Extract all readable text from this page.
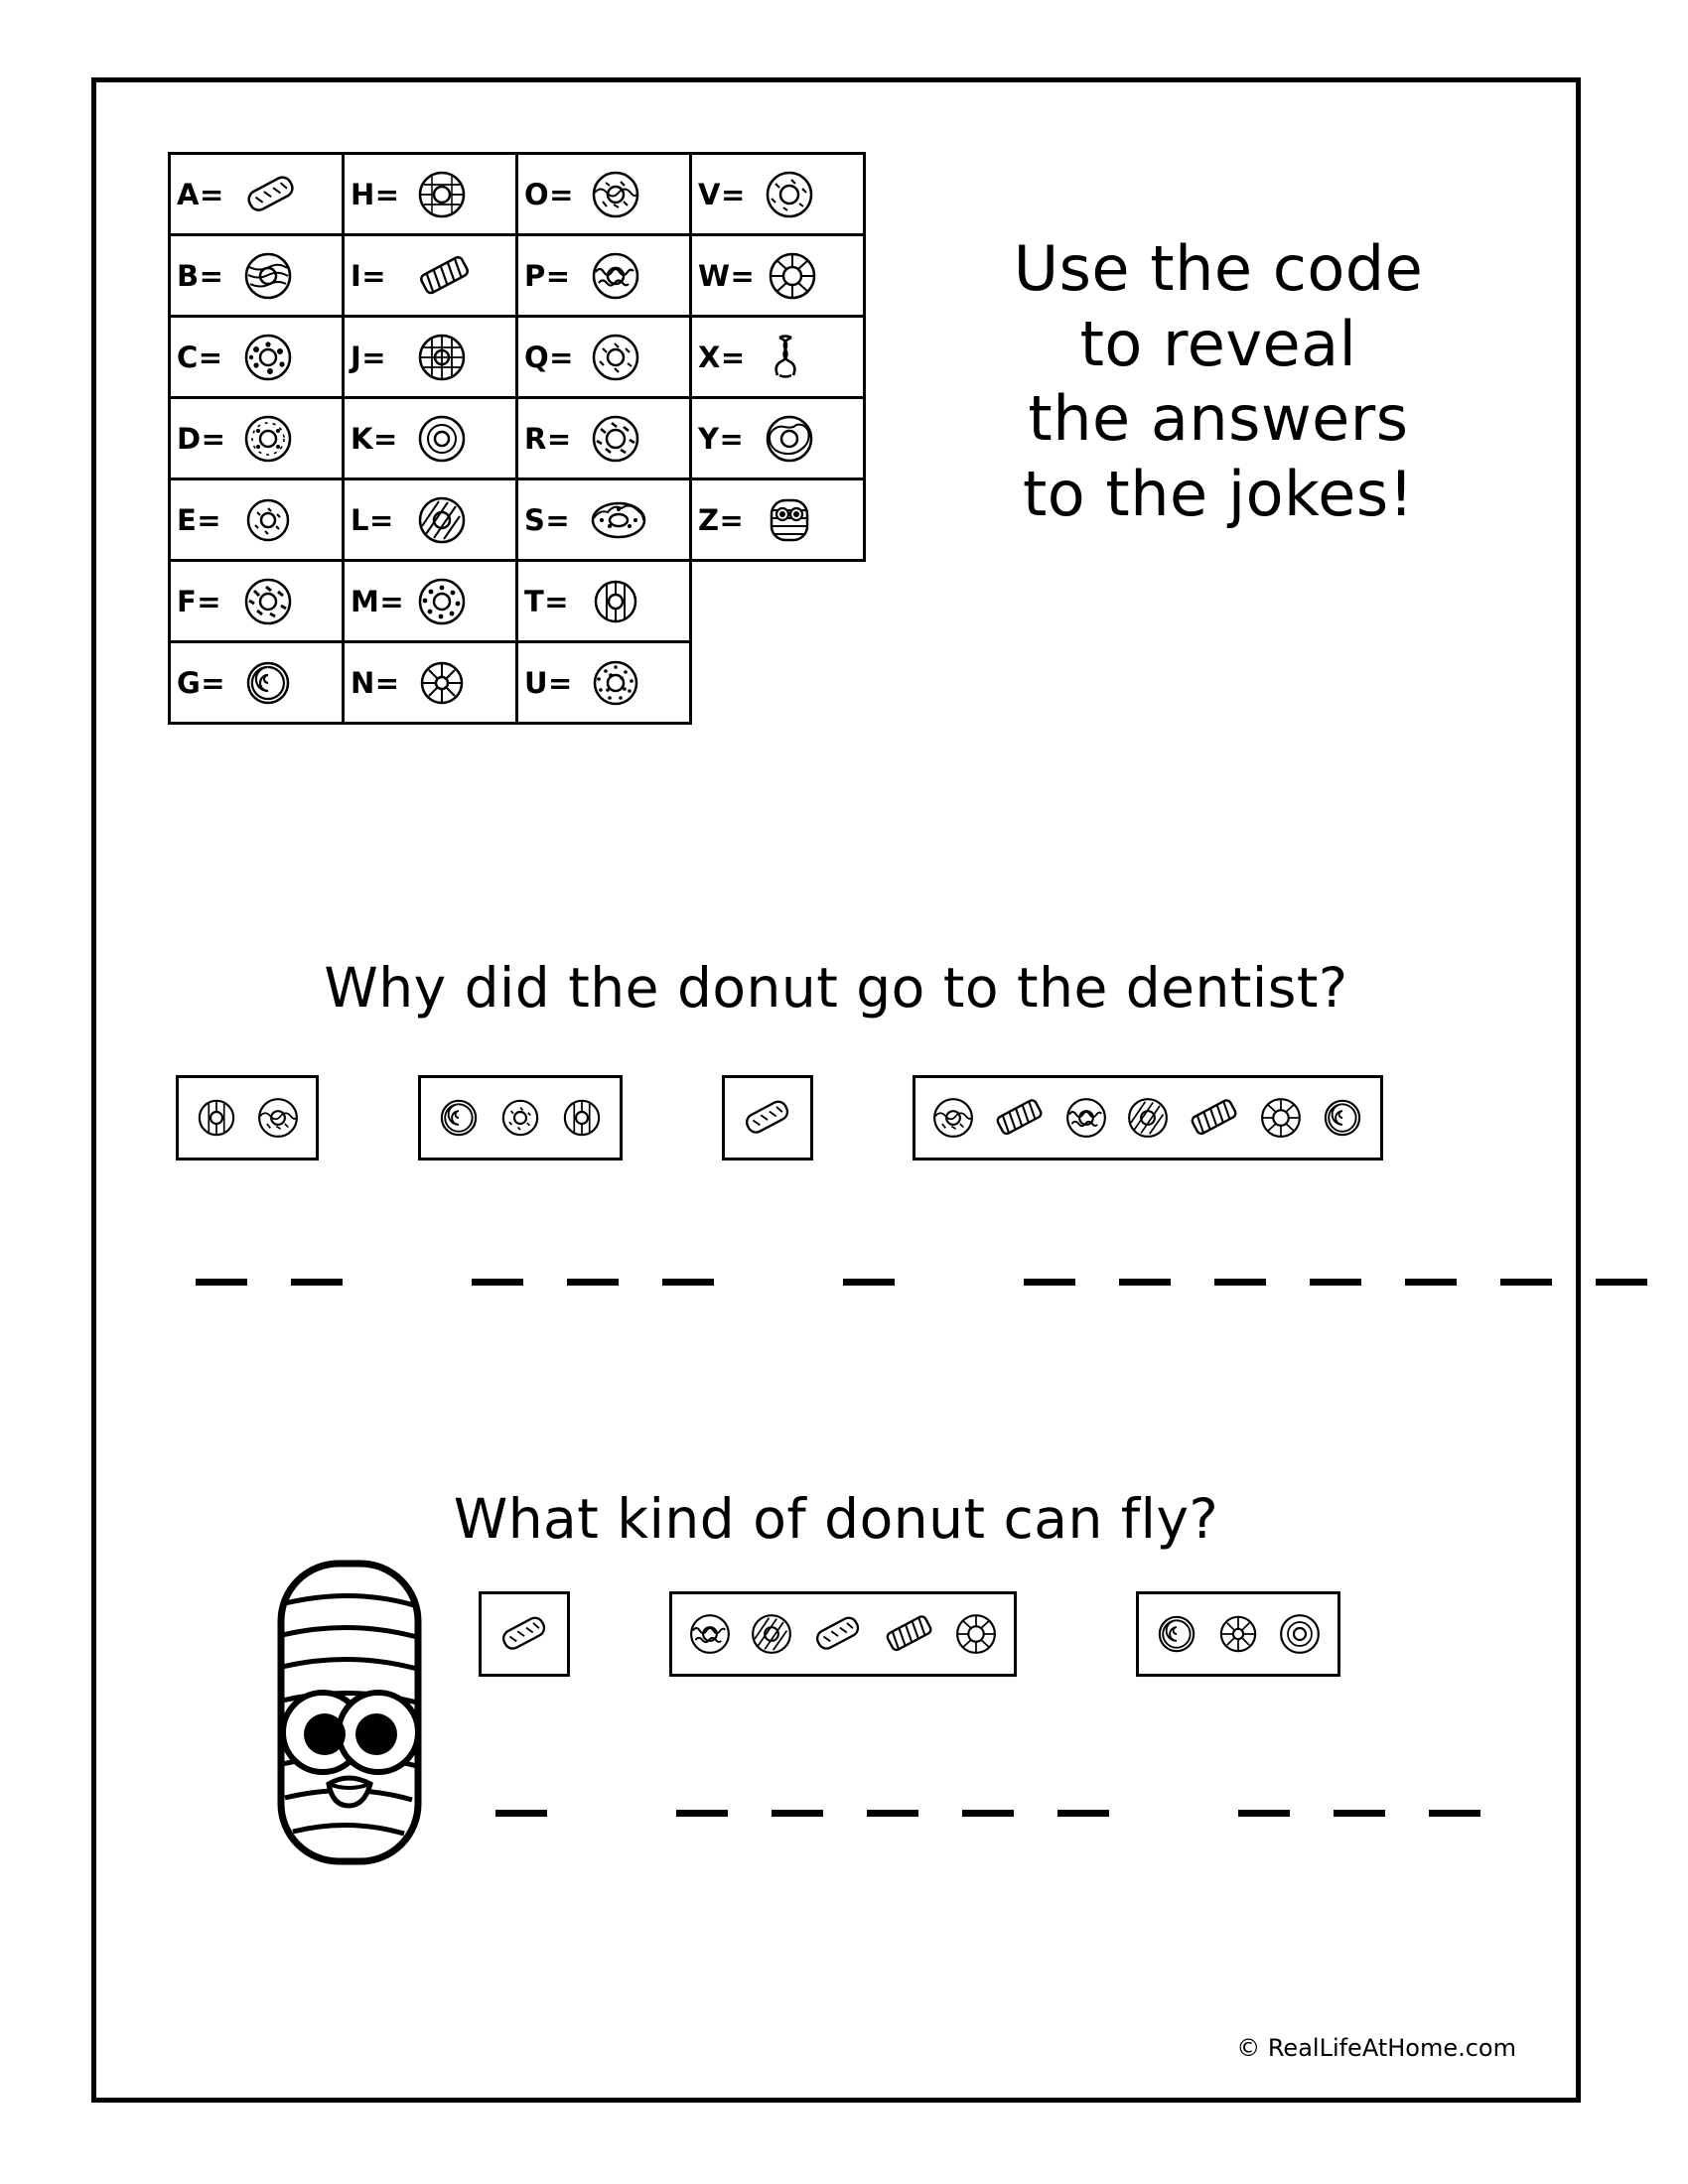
A=	H=	O=	V=

B=	I=	P=	W=

C=	J=	Q=	X=

D=	K=	R=	Y=

E=	L=	S=	Z=

F=	M=	T=	

G=	N=	U=	

Use the code
to reveal
the answers
to the jokes!
Why did the donut go to the dentist?
What kind of donut can fly?
© RealLifeAtHome.com
